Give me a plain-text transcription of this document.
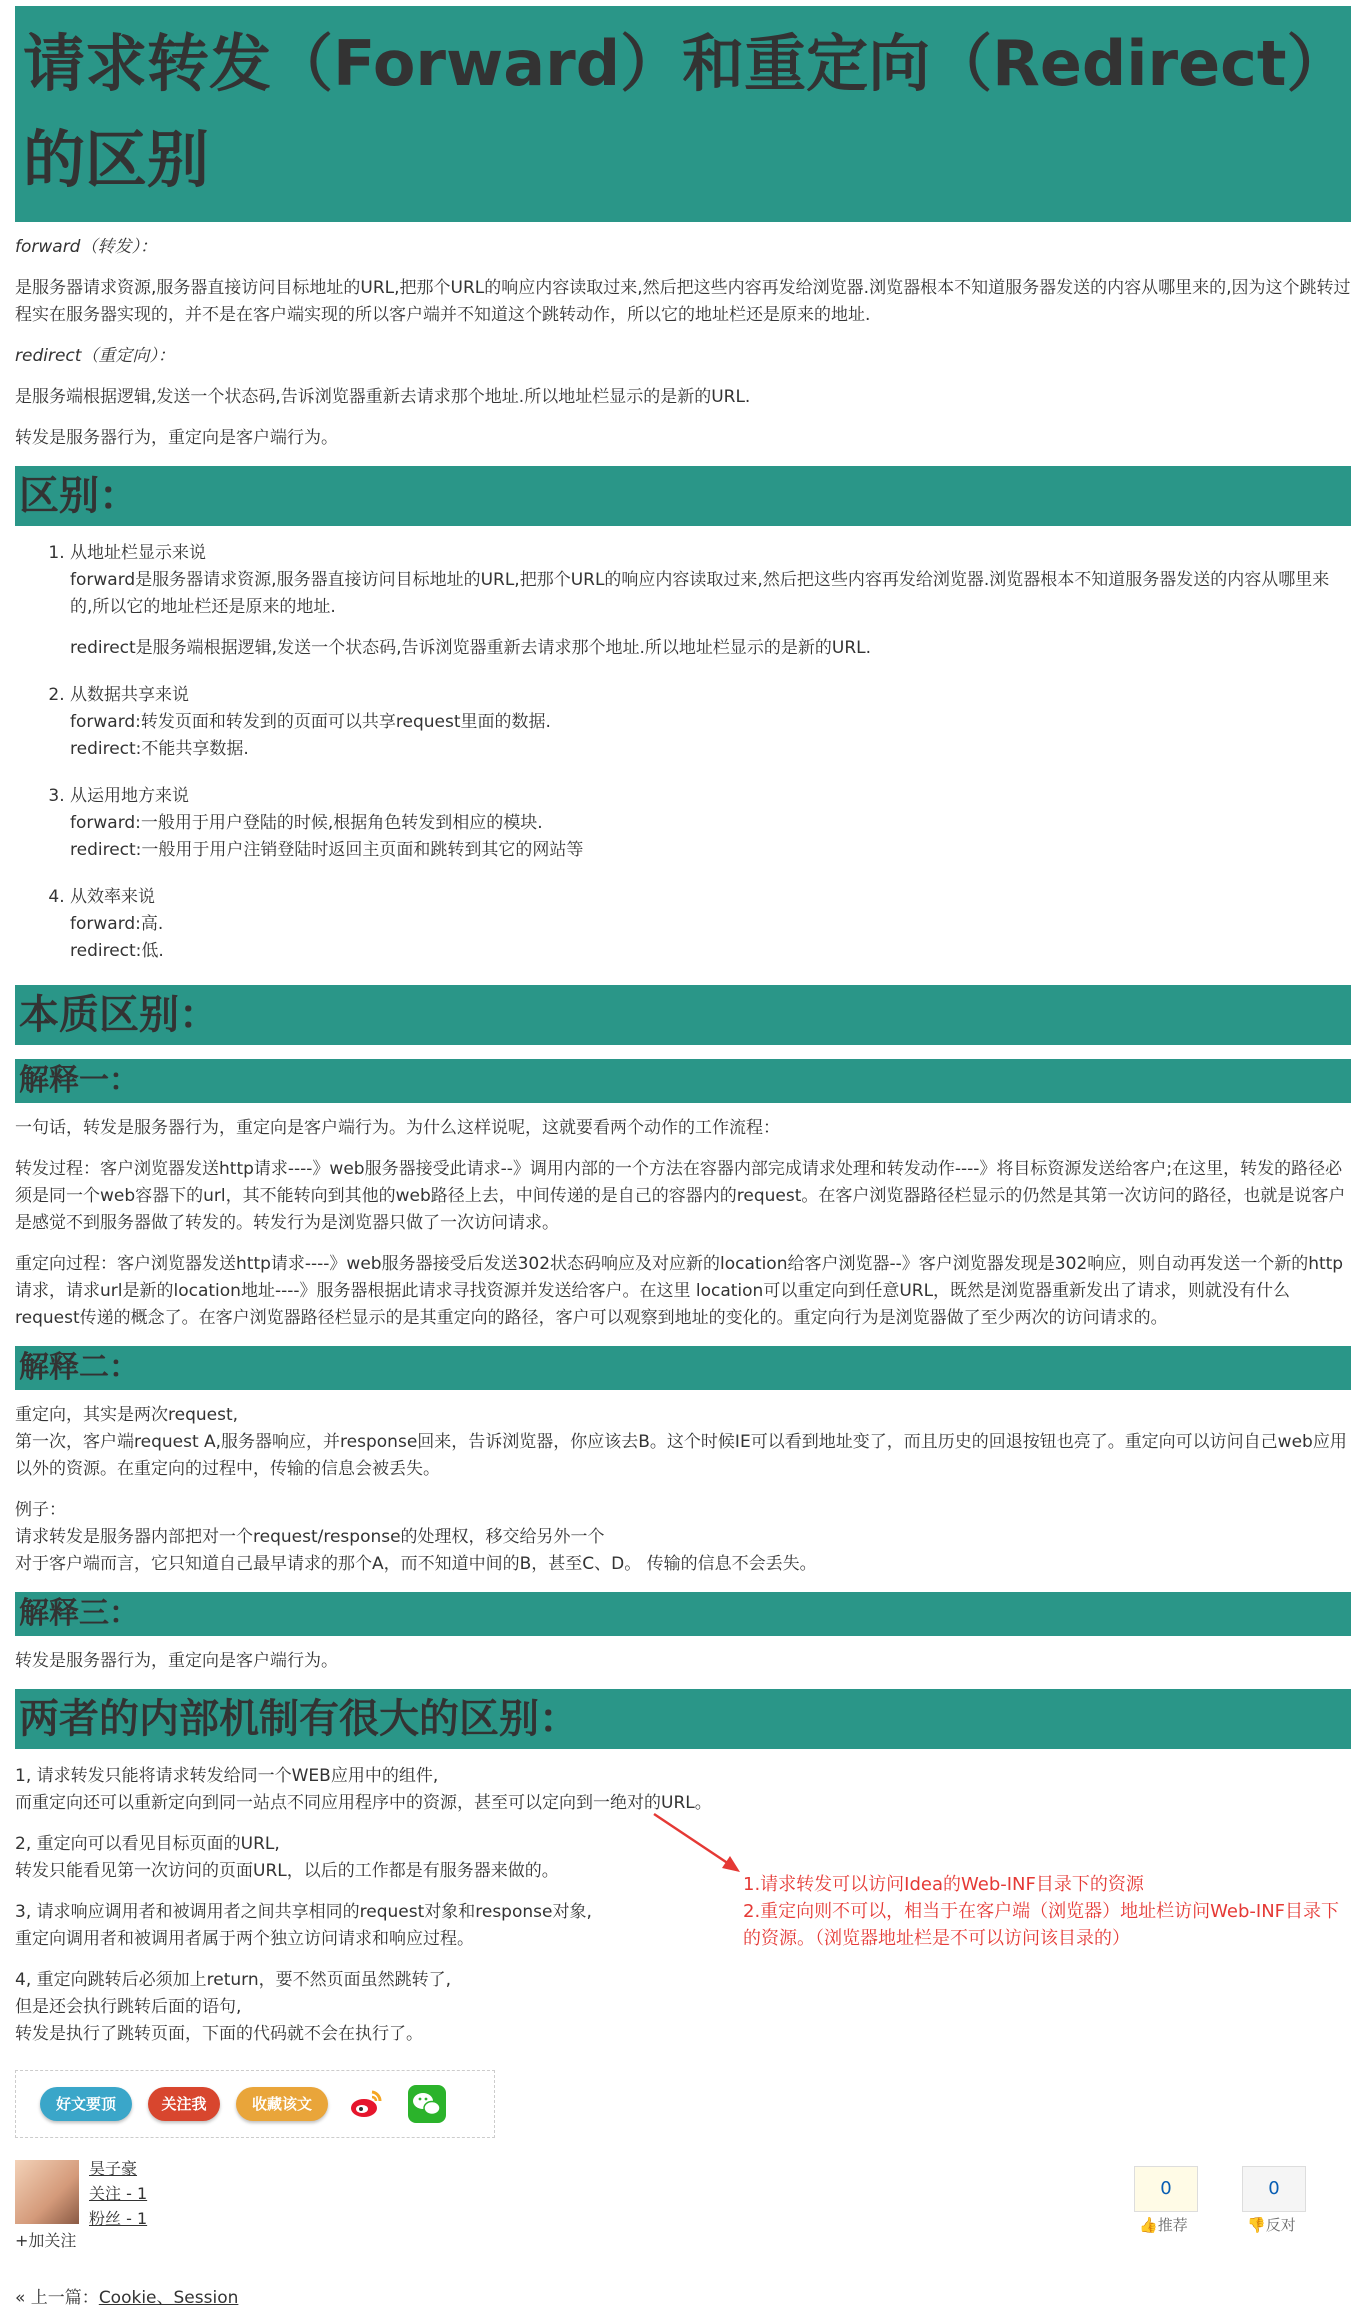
请求转发（Forward）和重定向（Redirect）的区别

forward（转发）：

是服务器请求资源,服务器直接访问目标地址的URL,把那个URL的响应内容读取过来,然后把这些内容再发给浏览器.浏览器根本不知道服务器发送的内容从哪里来的,因为这个跳转过程实在服务器实现的，并不是在客户端实现的所以客户端并不知道这个跳转动作，所以它的地址栏还是原来的地址.

redirect（重定向）：

是服务端根据逻辑,发送一个状态码,告诉浏览器重新去请求那个地址.所以地址栏显示的是新的URL.

转发是服务器行为，重定向是客户端行为。

区别：
1. 从地址栏显示来说
forward是服务器请求资源,服务器直接访问目标地址的URL,把那个URL的响应内容读取过来,然后把这些内容再发给浏览器.浏览器根本不知道服务器发送的内容从哪里来的,所以它的地址栏还是原来的地址.
redirect是服务端根据逻辑,发送一个状态码,告诉浏览器重新去请求那个地址.所以地址栏显示的是新的URL.
2. 从数据共享来说
forward:转发页面和转发到的页面可以共享request里面的数据.
redirect:不能共享数据.
3. 从运用地方来说
forward:一般用于用户登陆的时候,根据角色转发到相应的模块.
redirect:一般用于用户注销登陆时返回主页面和跳转到其它的网站等
4. 从效率来说
forward:高.
redirect:低.
本质区别：
解释一：

一句话，转发是服务器行为，重定向是客户端行为。为什么这样说呢，这就要看两个动作的工作流程：

转发过程：客户浏览器发送http请求----》web服务器接受此请求--》调用内部的一个方法在容器内部完成请求处理和转发动作----》将目标资源发送给客户;在这里，转发的路径必须是同一个web容器下的url，其不能转向到其他的web路径上去，中间传递的是自己的容器内的request。在客户浏览器路径栏显示的仍然是其第一次访问的路径，也就是说客户是感觉不到服务器做了转发的。转发行为是浏览器只做了一次访问请求。

重定向过程：客户浏览器发送http请求----》web服务器接受后发送302状态码响应及对应新的location给客户浏览器--》客户浏览器发现是302响应，则自动再发送一个新的http请求，请求url是新的location地址----》服务器根据此请求寻找资源并发送给客户。在这里 location可以重定向到任意URL，既然是浏览器重新发出了请求，则就没有什么request传递的概念了。在客户浏览器路径栏显示的是其重定向的路径，客户可以观察到地址的变化的。重定向行为是浏览器做了至少两次的访问请求的。

解释二：

重定向，其实是两次request,
第一次，客户端request A,服务器响应，并response回来，告诉浏览器，你应该去B。这个时候IE可以看到地址变了，而且历史的回退按钮也亮了。重定向可以访问自己web应用以外的资源。在重定向的过程中，传输的信息会被丢失。

例子：
请求转发是服务器内部把对一个request/response的处理权，移交给另外一个
对于客户端而言，它只知道自己最早请求的那个A，而不知道中间的B，甚至C、D。 传输的信息不会丢失。

解释三：

转发是服务器行为，重定向是客户端行为。

两者的内部机制有很大的区别：

1, 请求转发只能将请求转发给同一个WEB应用中的组件,
而重定向还可以重新定向到同一站点不同应用程序中的资源，甚至可以定向到一绝对的URL。

2, 重定向可以看见目标页面的URL,
转发只能看见第一次访问的页面URL，以后的工作都是有服务器来做的。

3, 请求响应调用者和被调用者之间共享相同的request对象和response对象,
重定向调用者和被调用者属于两个独立访问请求和响应过程。

4, 重定向跳转后必须加上return，要不然页面虽然跳转了,
但是还会执行跳转后面的语句,
转发是执行了跳转页面，下面的代码就不会在执行了。

好文要顶	关注我	收藏该文
昊子豪
关注 - 1
粉丝 - 1
+加关注
0
👍推荐
0
👎反对
1.请求转发可以访问Idea的Web-INF目录下的资源
2.重定向则不可以，相当于在客户端（浏览器）地址栏访问Web-INF目录下的资源。（浏览器地址栏是不可以访问该目录的）
« 上一篇：Cookie、Session
